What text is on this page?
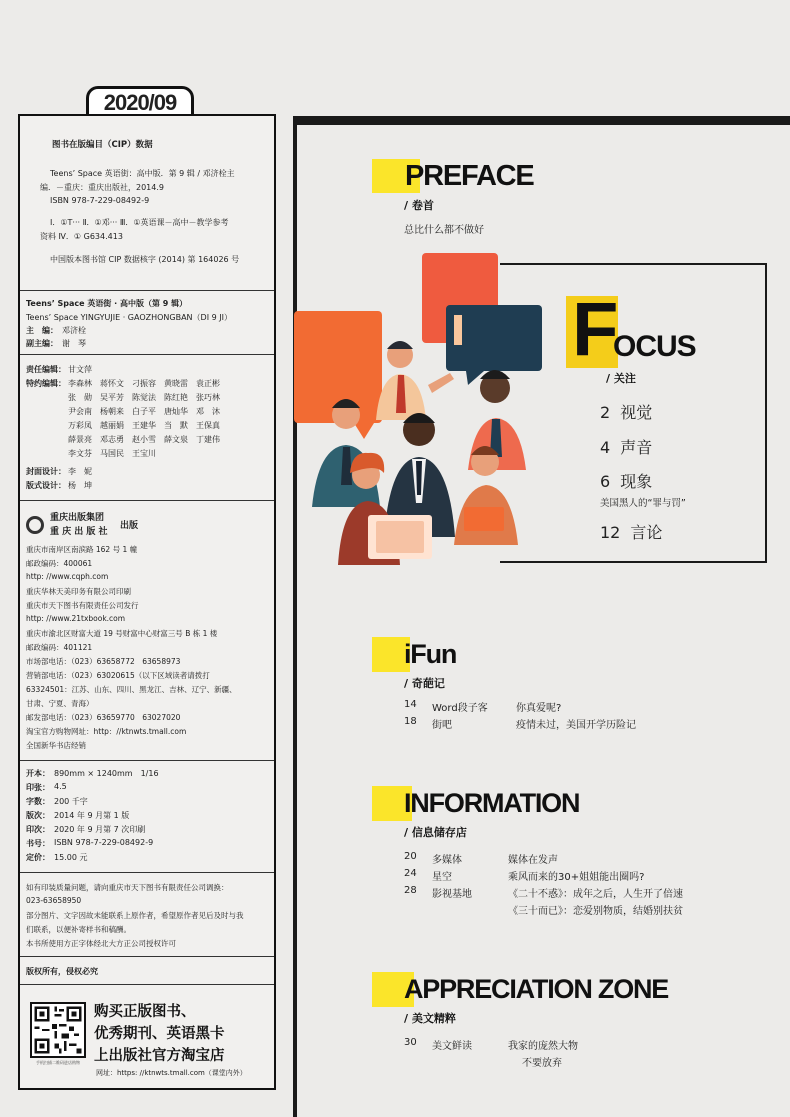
2020/09
图书在版编目（CIP）数据
Teens’ Space 英语街：高中版．第 9 辑 / 邓济栓主
编．－重庆：重庆出版社，2014.9
ISBN 978-7-229-08492-9
Ⅰ．①T··· Ⅱ．①邓··· Ⅲ．①英语课－高中－教学参考
资料 Ⅳ．① G634.413
中国版本图书馆 CIP 数据核字 (2014) 第 164026 号
Teens’ Space 英语街 · 高中版（第 9 辑）
Teens’ Space YINGYUJIE · GAOZHONGBAN（DI 9 JI）
主　编： 邓济栓
副主编： 谢　琴
责任编辑： 甘文萍
特约编辑： 李森林　蒋怀文　刁振容　黄晓雷　袁正彬
张　勋　吴平芳　陈觉法　陈红艳　张巧林
尹会南　杨朝来　白子平　唐灿华　邓　沐
万彩凤　越丽娟　王建华　当　默　王保真
薛景亮　邓志勇　赵小雪　薛文泉　丁建伟
李文芬　马国民　王宝川
封面设计： 李　妮
版式设计： 杨　坤
重庆出版集团
重 庆 出 版 社
出版
重庆市南岸区南滨路 162 号 1 幢
邮政编码：400061
http: //www.cqph.com
重庆华林天美印务有限公司印刷
重庆市天下图书有限责任公司发行
http: //www.21txbook.com
重庆市渝北区财富大道 19 号财富中心财富三号 B 栋 1 楼
邮政编码：401121
市场部电话：（023）63658772　63658973
营销部电话：（023）63020615（以下区域读者请拨打
63324501：江苏、山东、四川、黑龙江、吉林、辽宁、新疆、
甘肃、宁夏、青海）
邮发部电话：（023）63659770　63027020
淘宝官方购物网址：http：//ktnwts.tmall.com
全国新华书店经销
开本： 890mm × 1240mm　1/16
印张： 4.5
字数： 200 千字
版次： 2014 年 9 月第 1 版
印次： 2020 年 9 月第 7 次印刷
书号： ISBN 978-7-229-08492-9
定价： 15.00 元
如有印装质量问题，请向重庆市天下图书有限责任公司调换：
023-63658950
部分图片、文字因故未能联系上原作者，希望原作者见后及时与我
们联系，以便补寄样书和稿酬。
本书所使用方正字体经北大方正公司授权许可
版权所有，侵权必究
手机扫描二维码进店购物
购买正版图书、
优秀期刊、英语黑卡
上出版社官方淘宝店
网址：https: //ktnwts.tmall.com（课堂内外）
PREFACE
/ 卷首
总比什么都不做好
F
OCUS
/ 关注
2 视觉
4 声音
6 现象
美国黑人的“罪与罚”
12 言论
iFun
/ 奇葩记
14 Word段子客	你真爱呢?
18 街吧	疫情未过，美国开学历险记
INFORMATION
/ 信息储存店
20 多媒体	媒体在发声
24 星空	乘风而来的30+姐姐能出圈吗?
28 影视基地	《二十不惑》：成年之后，人生开了倍速
《三十而已》：恋爱别物质，结婚别扶贫
APPRECIATION ZONE
/ 美文精粹
30 美文鲜读	我家的庞然大物
不要放弃
